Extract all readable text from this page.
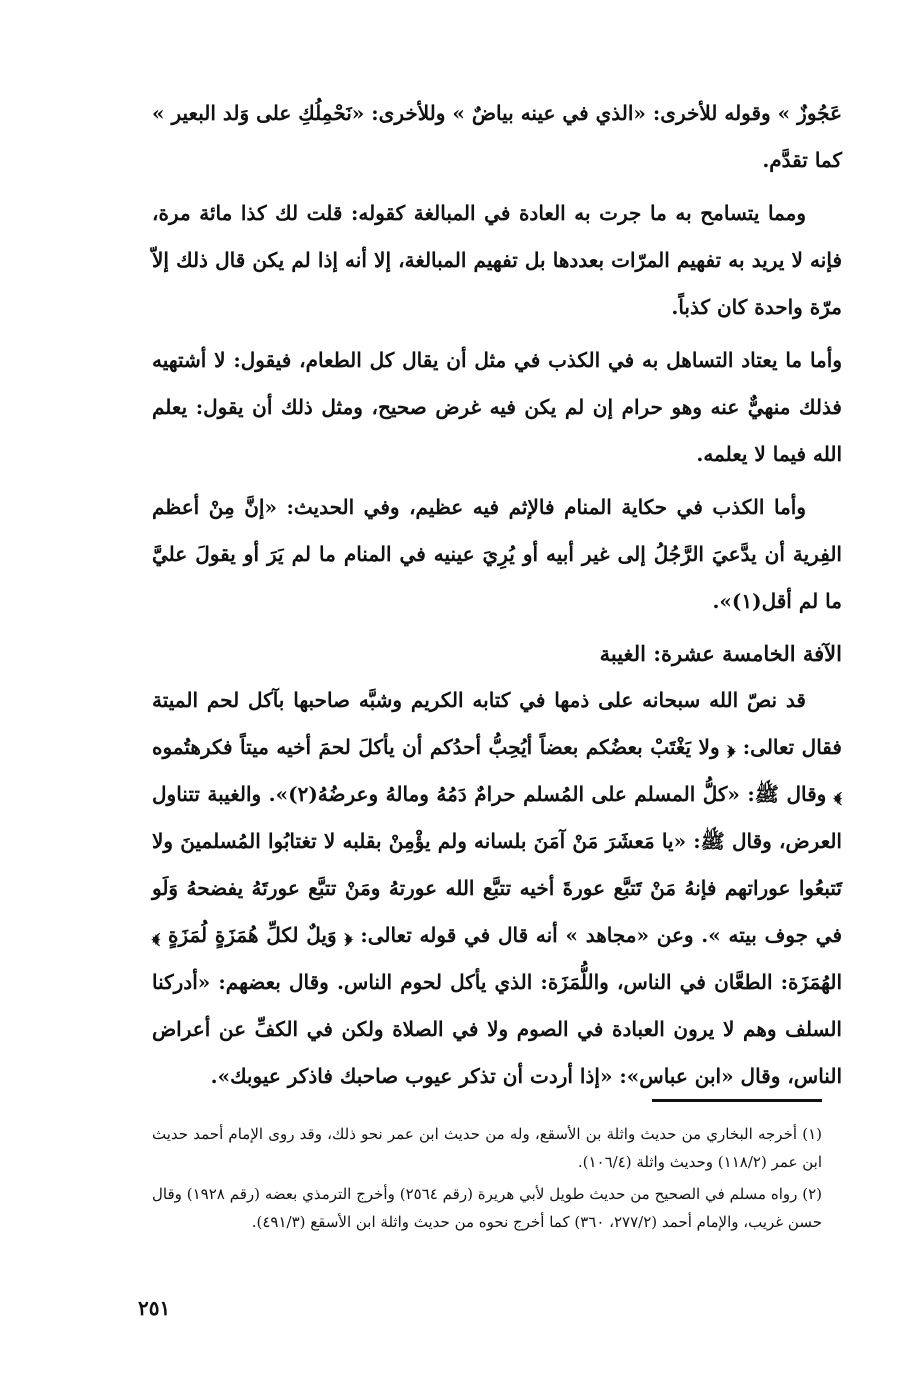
عَجُوزٌ » وقوله للأخرى: «الذي في عينه بياضٌ » وللأخرى: «نَحْمِلُكِ على وَلد البعير » كما تقدَّم.

ومما يتسامح به ما جرت به العادة في المبالغة كقوله: قلت لك كذا مائة مرة، فإنه لا يريد به تفهيم المرّات بعددها بل تفهيم المبالغة، إلا أنه إذا لم يكن قال ذلك إلاّ مرّة واحدة كان كذباً.

وأما ما يعتاد التساهل به في الكذب في مثل أن يقال كل الطعام، فيقول: لا أشتهيه فذلك منهيٌّ عنه وهو حرام إن لم يكن فيه غرض صحيح، ومثل ذلك أن يقول: يعلم الله فيما لا يعلمه.

وأما الكذب في حكاية المنام فالإثم فيه عظيم، وفي الحديث: «إنَّ مِنْ أعظم الفِرية أن يدَّعيَ الرَّجُلُ إلى غير أبيه أو يُرِيَ عينيه في المنام ما لم يَرَ أو يقولَ عليَّ ما لم أقل(١)».

الآفة الخامسة عشرة: الغيبة

قد نصّ الله سبحانه على ذمها في كتابه الكريم وشبَّه صاحبها بآكل لحم الميتة فقال تعالى: ﴿ ولا يَغْتَبْ بعضُكم بعضاً أيُحِبُّ أحدُكم أن يأكلَ لحمَ أخيه ميتاً فكرهتُموه ﴾ وقال ﷺ: «كلُّ المسلم على المُسلم حرامٌ دَمُهُ ومالهُ وعرضُهُ(٢)». والغيبة تتناول العرض، وقال ﷺ: «يا مَعشَرَ مَنْ آمَنَ بلسانه ولم يؤْمِنْ بقلبه لا تغتابُوا المُسلمينَ ولا تَتبعُوا عوراتهم فإنهُ مَنْ تَتبَّع عورةَ أخيه تتبَّع الله عورتهُ ومَنْ تتبَّع عورتَهُ يفضحهُ وَلَو في جوف بيته ». وعن «مجاهد » أنه قال في قوله تعالى: ﴿ وَيلٌ لكلِّ هُمَزَةٍ لُمَزَةٍ ﴾ الهُمَزَة: الطعَّان في الناس، واللُّمَزَة: الذي يأكل لحوم الناس. وقال بعضهم: «أدركنا السلف وهم لا يرون العبادة في الصوم ولا في الصلاة ولكن في الكفِّ عن أعراض الناس، وقال «ابن عباس»: «إذا أردت أن تذكر عيوب صاحبك فاذكر عيوبك».

(١) أخرجه البخاري من حديث واثلة بن الأسقع، وله من حديث ابن عمر نحو ذلك، وقد روى الإمام أحمد حديث ابن عمر (١١٨/٢) وحديث واثلة (١٠٦/٤).

(٢) رواه مسلم في الصحيح من حديث طويل لأبي هريرة (رقم ٢٥٦٤) وأخرج الترمذي بعضه (رقم ١٩٢٨) وقال حسن غريب، والإمام أحمد (٢٧٧/٢، ٣٦٠) كما أخرج نحوه من حديث واثلة ابن الأسقع (٤٩١/٣).

٢٥١
